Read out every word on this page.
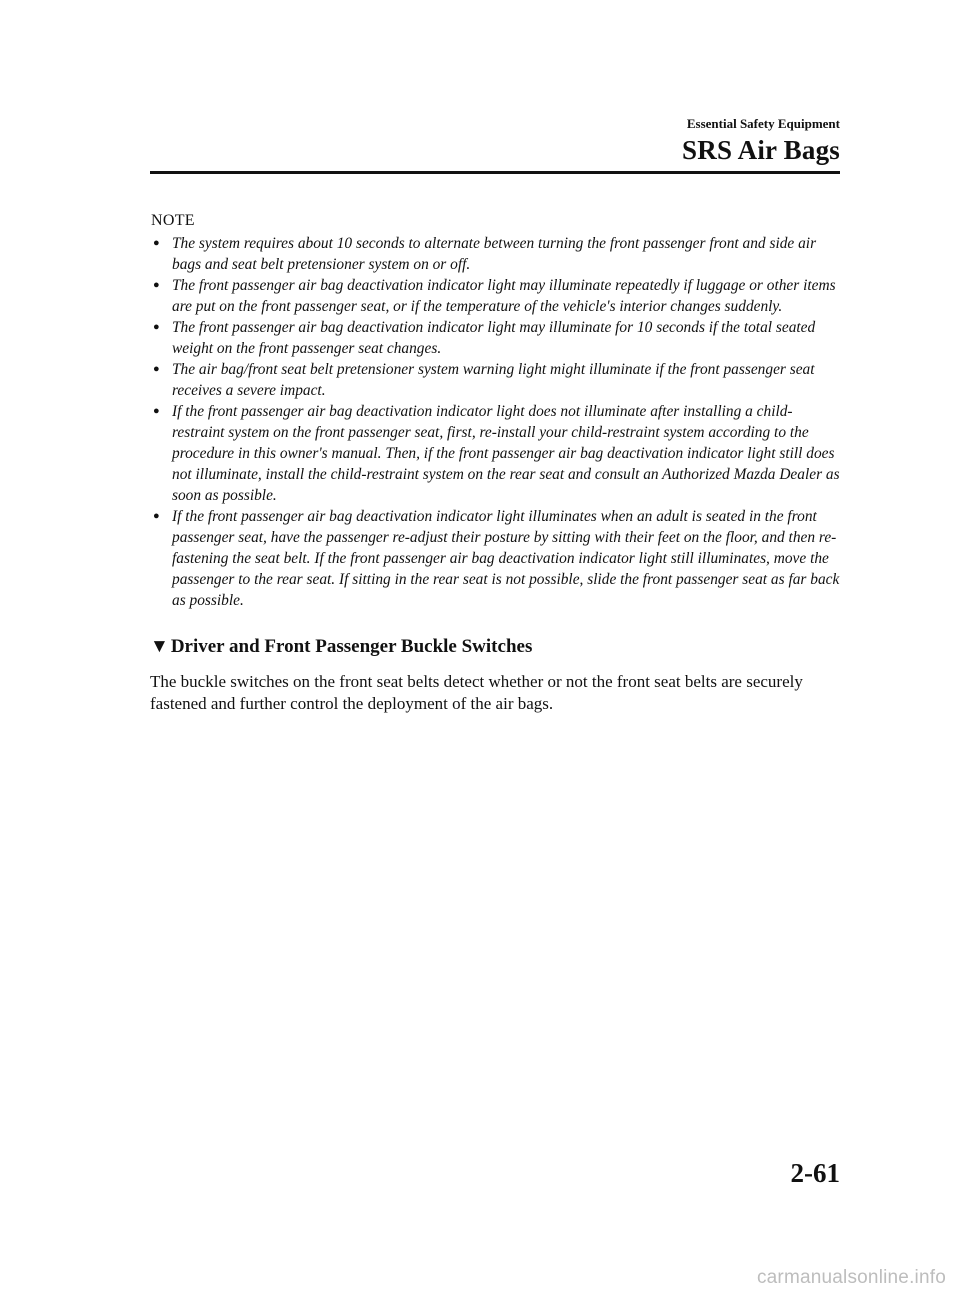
Essential Safety Equipment
SRS Air Bags
NOTE
● The system requires about 10 seconds to alternate between turning the front passenger front and side air bags and seat belt pretensioner system on or off.
● The front passenger air bag deactivation indicator light may illuminate repeatedly if luggage or other items are put on the front passenger seat, or if the temperature of the vehicle's interior changes suddenly.
● The front passenger air bag deactivation indicator light may illuminate for 10 seconds if the total seated weight on the front passenger seat changes.
● The air bag/front seat belt pretensioner system warning light might illuminate if the front passenger seat receives a severe impact.
● If the front passenger air bag deactivation indicator light does not illuminate after installing a child-restraint system on the front passenger seat, first, re-install your child-restraint system according to the procedure in this owner's manual. Then, if the front passenger air bag deactivation indicator light still does not illuminate, install the child-restraint system on the rear seat and consult an Authorized Mazda Dealer as soon as possible.
● If the front passenger air bag deactivation indicator light illuminates when an adult is seated in the front passenger seat, have the passenger re-adjust their posture by sitting with their feet on the floor, and then re-fastening the seat belt. If the front passenger air bag deactivation indicator light still illuminates, move the passenger to the rear seat. If sitting in the rear seat is not possible, slide the front passenger seat as far back as possible.
▼ Driver and Front Passenger Buckle Switches
The buckle switches on the front seat belts detect whether or not the front seat belts are securely fastened and further control the deployment of the air bags.
2-61
carmanualsonline.info
